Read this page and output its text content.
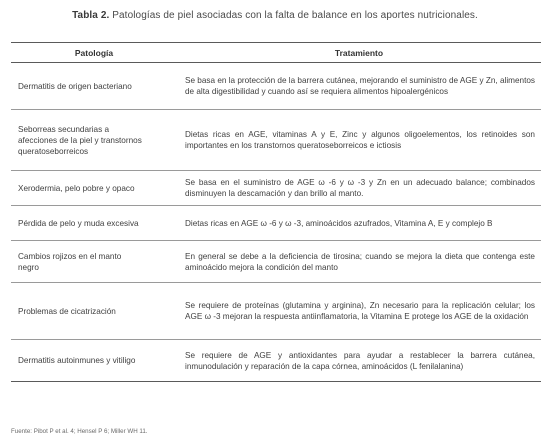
Tabla 2. Patologías de piel asociadas con la falta de balance en los aportes nutricionales.
Patología	Tratamiento
Dermatitis de origen bacteriano	Se basa en la protección de la barrera cutánea, mejorando el suministro de AGE y Zn, alimentos de alta digestibilidad y cuando así se requiera alimentos hipoalergénicos

Seborreas secundarias a afecciones de la piel y transtornos queratoseborreicos	Dietas ricas en AGE, vitaminas A y E, Zinc y algunos oligoelementos, los retinoides son importantes en los transtornos queratoseborreicos e ictiosis
Xerodermia, pelo pobre y opaco	Se basa en el suministro de AGE ω -6 y ω -3 y Zn en un adecuado balance; combinados disminuyen la descamación y dan brillo al manto.
Pérdida de pelo y muda excesiva	Dietas ricas en AGE ω -6 y ω -3, aminoácidos azufrados, Vitamina A, E y complejo B

Cambios rojizos en el manto negro	En general se debe a la deficiencia de tirosina; cuando se mejora la dieta que contenga este aminoácido mejora la condición del manto
Problemas de cicatrización	Se requiere de proteínas (glutamina y arginina), Zn necesario para la replicación celular; los AGE ω -3 mejoran la respuesta antiinflamatoria, la Vitamina E protege los AGE de la oxidación
Dermatitis autoinmunes y vitiligo	Se requiere de AGE y antioxidantes para ayudar a restablecer la barrera cutánea, inmunodulación y reparación de la capa córnea, aminoácidos (L fenilalanina)
Fuente: Pibot P et al. 4; Hensel P 6; Miller WH 11.
